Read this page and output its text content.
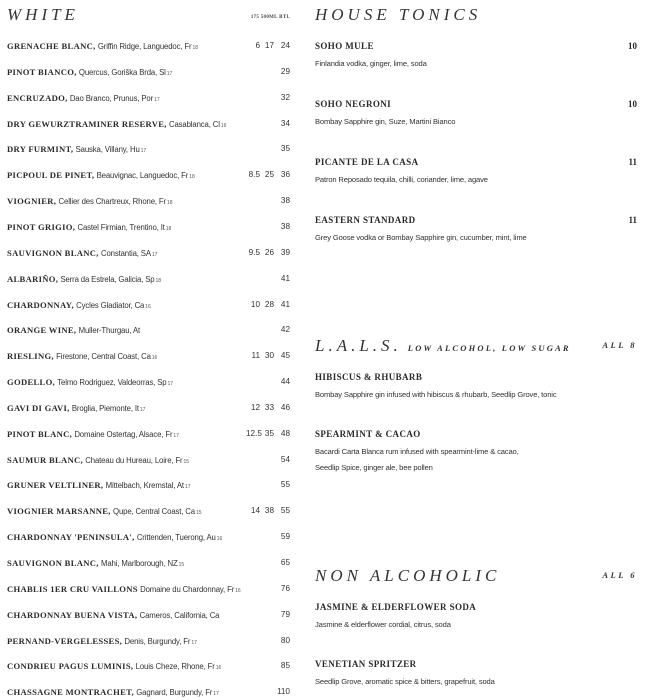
WHITE	175 500ML BTL
GRENACHE BLANC, Griffin Ridge, Languedoc, Fr18	6 17 24
PINOT BIANCO, Quercus, Goriška Brda, Sl17	29
ENCRUZADO, Dao Branco, Prunus, Por17	32
DRY GEWURZTRAMINER RESERVE, Casablanca, Cl16	34
DRY FURMINT, Sauska, Villany, Hu17	35
PICPOUL DE PINET, Beauvignac, Languedoc, Fr18	8.5 25 36
VIOGNIER, Cellier des Chartreux, Rhone, Fr18	38
PINOT GRIGIO, Castel Firmian, Trentino, It18	38
SAUVIGNON BLANC, Constantia, SA17	9.5 26 39
ALBARIÑO, Serra da Estrela, Galicia, Sp18	41
CHARDONNAY, Cycles Gladiator, Ca16	10 28 41
ORANGE WINE, Muller-Thurgau, At	42
RIESLING, Firestone, Central Coast, Ca16	11 30 45
GODELLO, Telmo Rodriguez, Valdeorras, Sp17	44
GAVI DI GAVI, Broglia, Piemonte, It17	12 33 46
PINOT BLANC, Domaine Ostertag, Alsace, Fr17	12.5 35 48
SAUMUR BLANC, Chateau du Hureau, Loire, Fr15	54
GRUNER VELTLINER, Mittelbach, Kremstal, At17	55
VIOGNIER MARSANNE, Qupe, Central Coast, Ca15	14 38 55
CHARDONNAY 'PENINSULA', Crittenden, Tuerong, Au16	59
SAUVIGNON BLANC, Mahi, Marlborough, NZ15	65
CHABLIS 1ER CRU VAILLONS Domaine du Chardonnay, Fr16	76
CHARDONNAY BUENA VISTA, Cameros, California, Ca	79
PERNAND-VERGELESSES, Denis, Burgundy, Fr17	80
CONDRIEU PAGUS LUMINIS, Louis Cheze, Rhone, Fr16	85
CHASSAGNE MONTRACHET, Gagnard, Burgundy, Fr17	110
HOUSE TONICS
SOHO MULE	10
Finlandia vodka, ginger, lime, soda
SOHO NEGRONI	10
Bombay Sapphire gin, Suze, Martini Bianco
PICANTE DE LA CASA	11
Patron Reposado tequila, chilli, coriander, lime, agave
EASTERN STANDARD	11
Grey Goose vodka or Bombay Sapphire gin, cucumber, mint, lime
L.A.L.S. LOW ALCOHOL, LOW SUGAR	ALL 8
HIBISCUS & RHUBARB
Bombay Sapphire gin infused with hibiscus & rhubarb, Seedlip Grove, tonic
SPEARMINT & CACAO
Bacardi Carta Blanca rum infused with spearmint-lime & cacao,
Seedlip Spice, ginger ale, bee pollen
NON ALCOHOLIC	ALL 6
JASMINE & ELDERFLOWER SODA
Jasmine & elderflower cordial, citrus, soda
VENETIAN SPRITZER
Seedlip Grove, aromatic spice & bitters, grapefruit, soda
